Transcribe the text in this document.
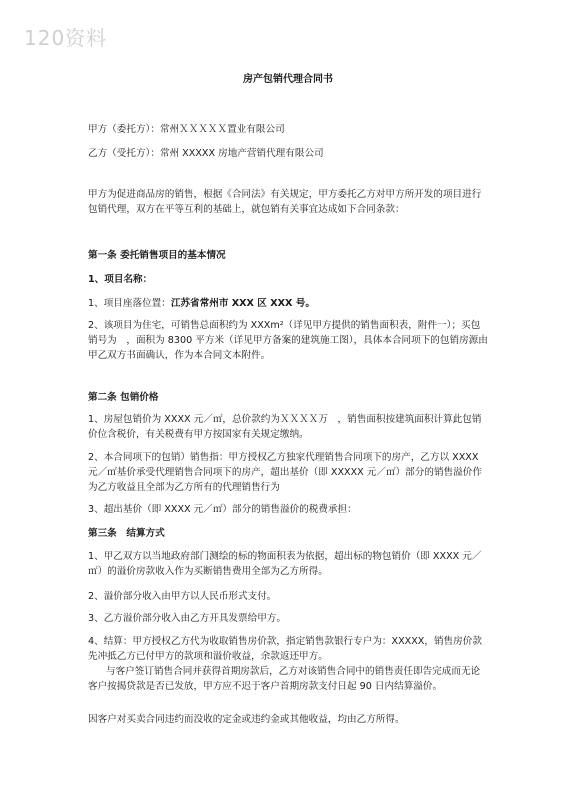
120资料
房产包销代理合同书

甲方（委托方）：常州ＸＸＸＸＸ置业有限公司

乙方（受托方）：常州 XXXXX 房地产营销代理有限公司

甲方为促进商品房的销售，根据《合同法》有关规定，甲方委托乙方对甲方所开发的项目进行包销代理，双方在平等互利的基础上，就包销有关事宜达成如下合同条款：

第一条 委托销售项目的基本情况

1、项目名称：

1、项目座落位置：江苏省常州市 XXX 区 XXX 号。

2、该项目为住宅，可销售总面积约为 XXXm²（详见甲方提供的销售面积表，附件一）；买包销号为　，面积为 8300 平方米（详见甲方备案的建筑施工图），具体本合同项下的包销房源由甲乙双方书面确认，作为本合同文本附件。

第二条 包销价格

1、房屋包销价为 XXXX 元／㎡，总价款约为ＸＸＸＸ万　，销售面积按建筑面积计算此包销价位含税价，有关税费有甲方按国家有关规定缴纳。

2、本合同项下的包销）销售指：甲方授权乙方独家代理销售合同项下的房产，乙方以 XXXX 元／㎡基价承受代理销售合同项下的房产，超出基价（即 XXXXX 元／㎡）部分的销售溢价作为乙方收益且全部为乙方所有的代理销售行为

3、超出基价（即 XXXX 元／㎡）部分的销售溢价的税费承担：

第三条　结算方式

1、甲乙双方以当地政府部门测绘的标的物面积表为依据，超出标的物包销价（即 XXXX 元／㎡）的溢价房款收入作为买断销售费用全部为乙方所得。

2、溢价部分收入由甲方以人民币形式支付。

3、乙方溢价部分收入由乙方开具发票给甲方。

4、结算：甲方授权乙方代为收取销售房价款，指定销售款银行专户为：XXXXX，销售房价款先冲抵乙方已付甲方的款项和溢价收益，余款返还甲方。

与客户签订销售合同并获得首期房款后，乙方对该销售合同中的销售责任即告完成而无论客户按揭贷款是否已发放，甲方应不迟于客户首期房款支付日起 90 日内结算溢价。

因客户对买卖合同违约而没收的定金或违约金或其他收益，均由乙方所得。
